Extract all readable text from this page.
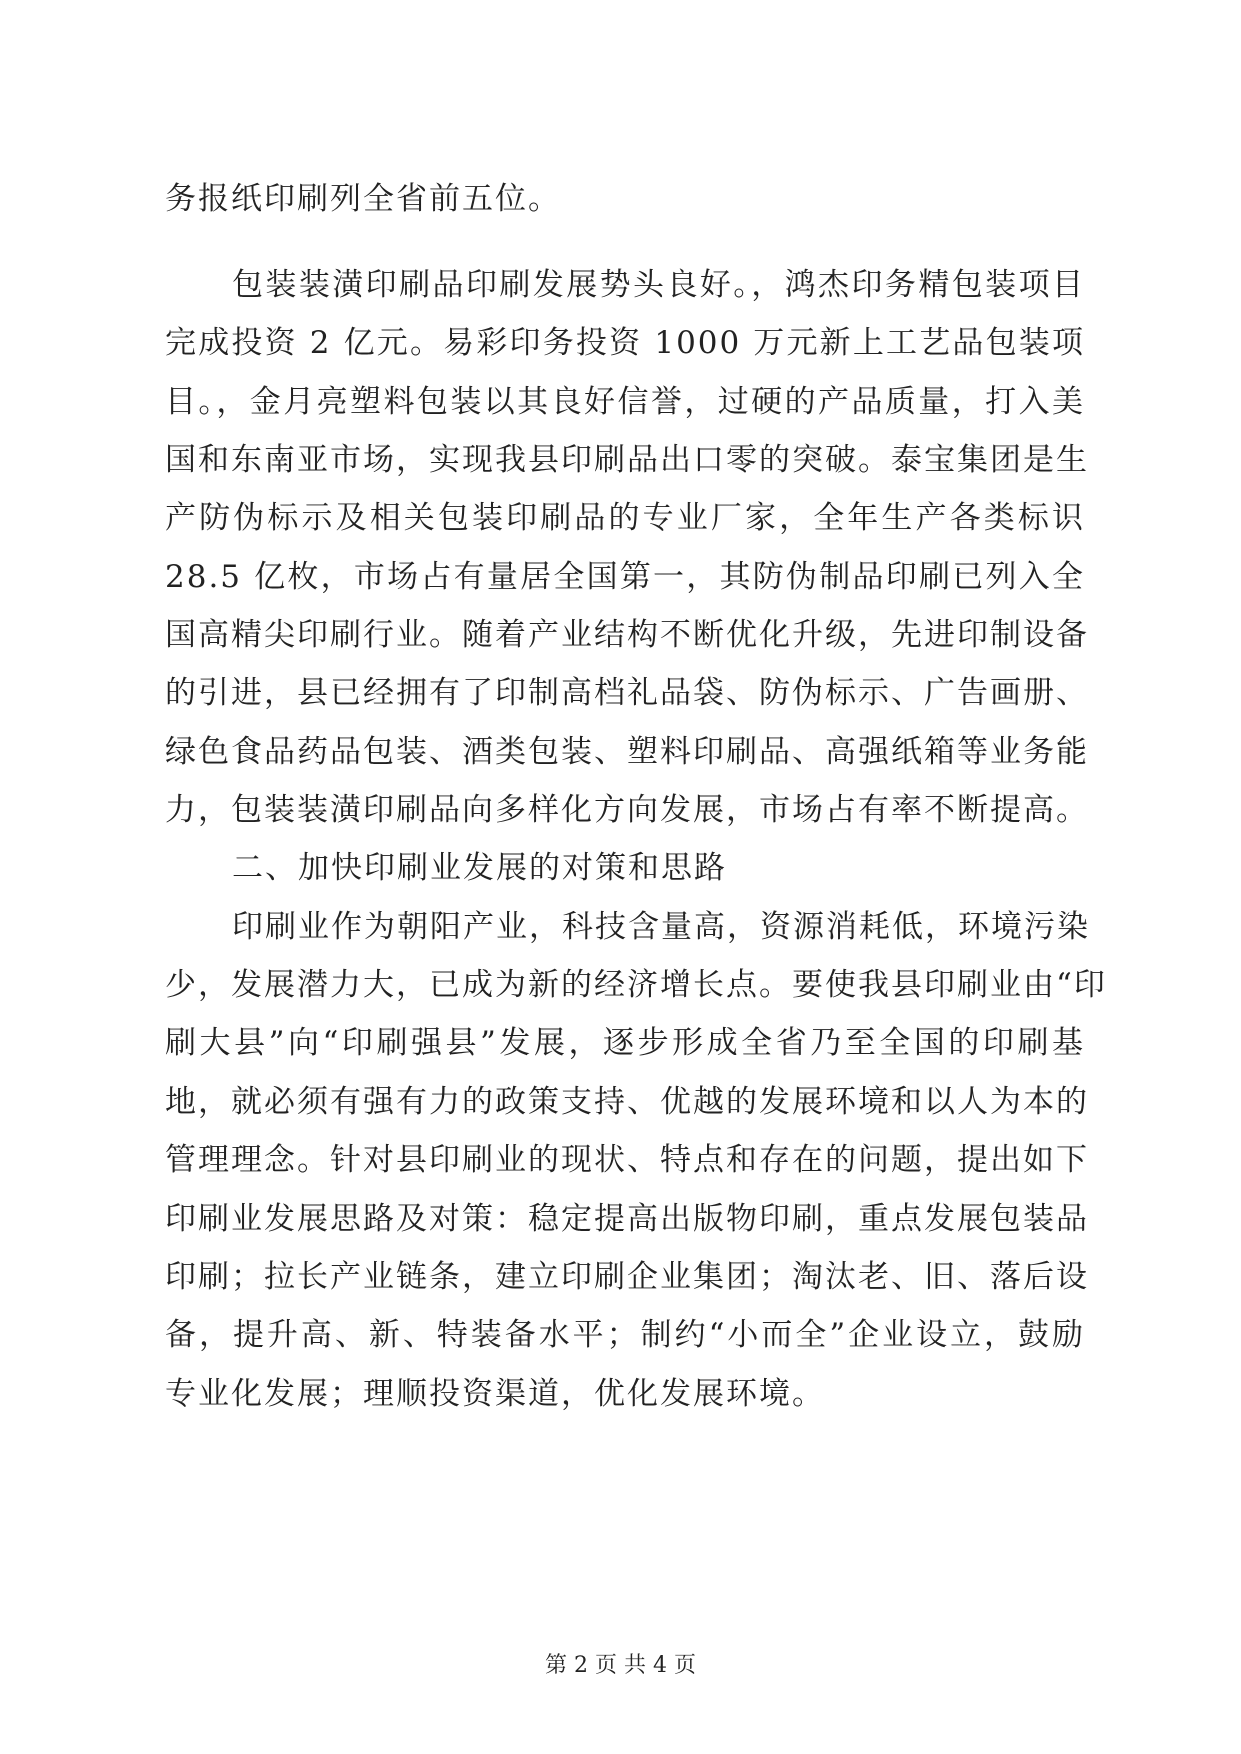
务报纸印刷列全省前五位。
包装装潢印刷品印刷发展势头良好。，鸿杰印务精包装项目
完成投资 2 亿元。易彩印务投资 1000 万元新上工艺品包装项
目。，金月亮塑料包装以其良好信誉，过硬的产品质量，打入美
国和东南亚市场，实现我县印刷品出口零的突破。泰宝集团是生
产防伪标示及相关包装印刷品的专业厂家，全年生产各类标识
28.5 亿枚，市场占有量居全国第一，其防伪制品印刷已列入全
国高精尖印刷行业。随着产业结构不断优化升级，先进印制设备
的引进，县已经拥有了印制高档礼品袋、防伪标示、广告画册、
绿色食品药品包装、酒类包装、塑料印刷品、高强纸箱等业务能
力，包装装潢印刷品向多样化方向发展，市场占有率不断提高。
二、加快印刷业发展的对策和思路
印刷业作为朝阳产业，科技含量高，资源消耗低，环境污染
少，发展潜力大，已成为新的经济增长点。要使我县印刷业由“印
刷大县”向“印刷强县”发展，逐步形成全省乃至全国的印刷基
地，就必须有强有力的政策支持、优越的发展环境和以人为本的
管理理念。针对县印刷业的现状、特点和存在的问题，提出如下
印刷业发展思路及对策：稳定提高出版物印刷，重点发展包装品
印刷；拉长产业链条，建立印刷企业集团；淘汰老、旧、落后设
备，提升高、新、特装备水平；制约“小而全”企业设立，鼓励
专业化发展；理顺投资渠道，优化发展环境。
第 2 页 共 4 页
